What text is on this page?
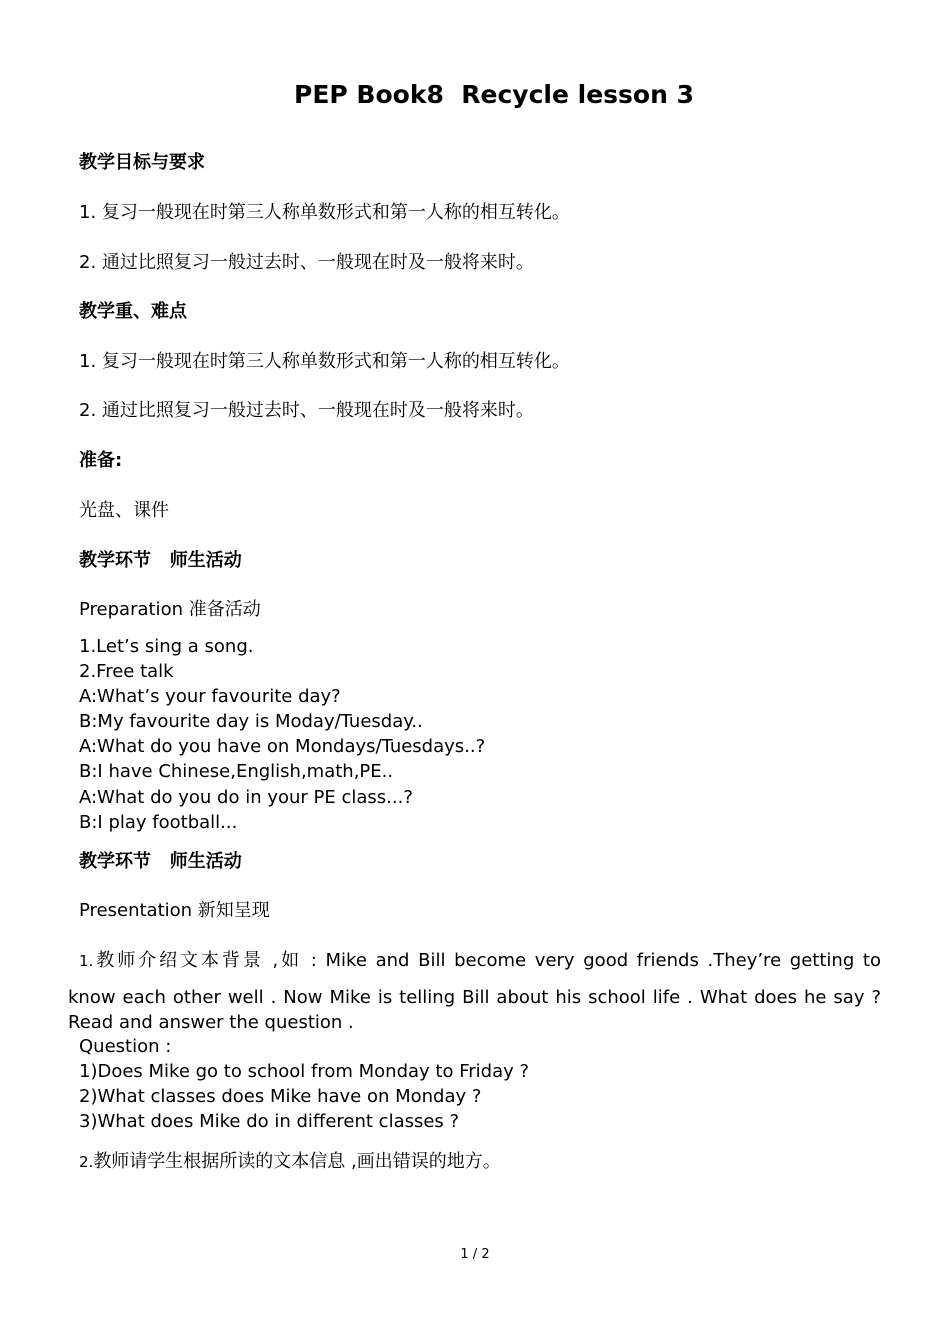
PEP Book8  Recycle lesson 3
教学目标与要求
1. 复习一般现在时第三人称单数形式和第一人称的相互转化。
2. 通过比照复习一般过去时、一般现在时及一般将来时。
教学重、难点
1. 复习一般现在时第三人称单数形式和第一人称的相互转化。
2. 通过比照复习一般过去时、一般现在时及一般将来时。
准备:
光盘、课件
教学环节   师生活动
Preparation 准备活动
1.Let’s sing a song.
2.Free talk
A:What’s your favourite day?
B:My favourite day is Moday/Tuesday..
A:What do you have on Mondays/Tuesdays..?
B:I have Chinese,English,math,PE..
A:What do you do in your PE class...?
B:I play football...
教学环节   师生活动
Presentation 新知呈现
1.教师介绍文本背景 ,如 : Mike and Bill become very good friends .They’re getting to
know each other well . Now Mike is telling Bill about his school life . What does he say ?Read and answer the question .
Question :
1)Does Mike go to school from Monday to Friday ?
2)What classes does Mike have on Monday ?
3)What does Mike do in different classes ?
2.教师请学生根据所读的文本信息 ,画出错误的地方。
1 / 2
